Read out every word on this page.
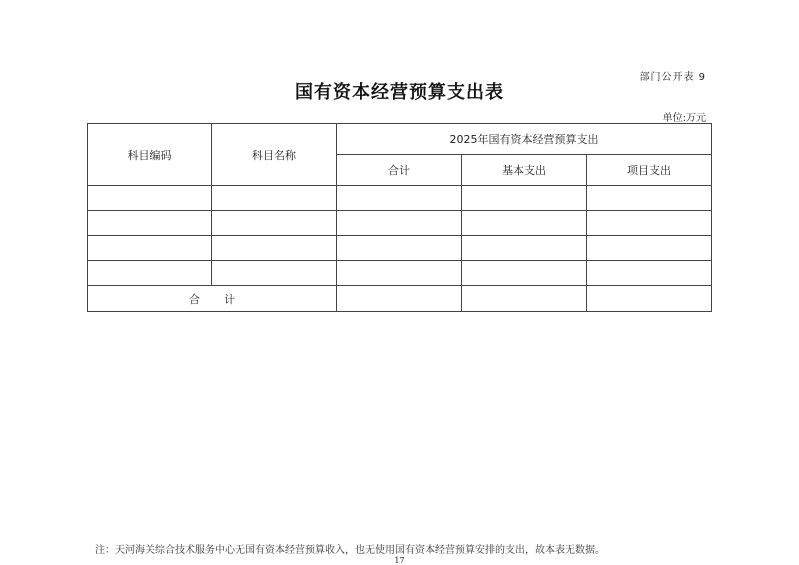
部门公开表 9
国有资本经营预算支出表
单位:万元
科目编码	科目名称	2025年国有资本经营预算支出		
		合计	基本支出	项目支出

合计				
注：天河海关综合技术服务中心无国有资本经营预算收入，也无使用国有资本经营预算安排的支出，故本表无数据。
17
